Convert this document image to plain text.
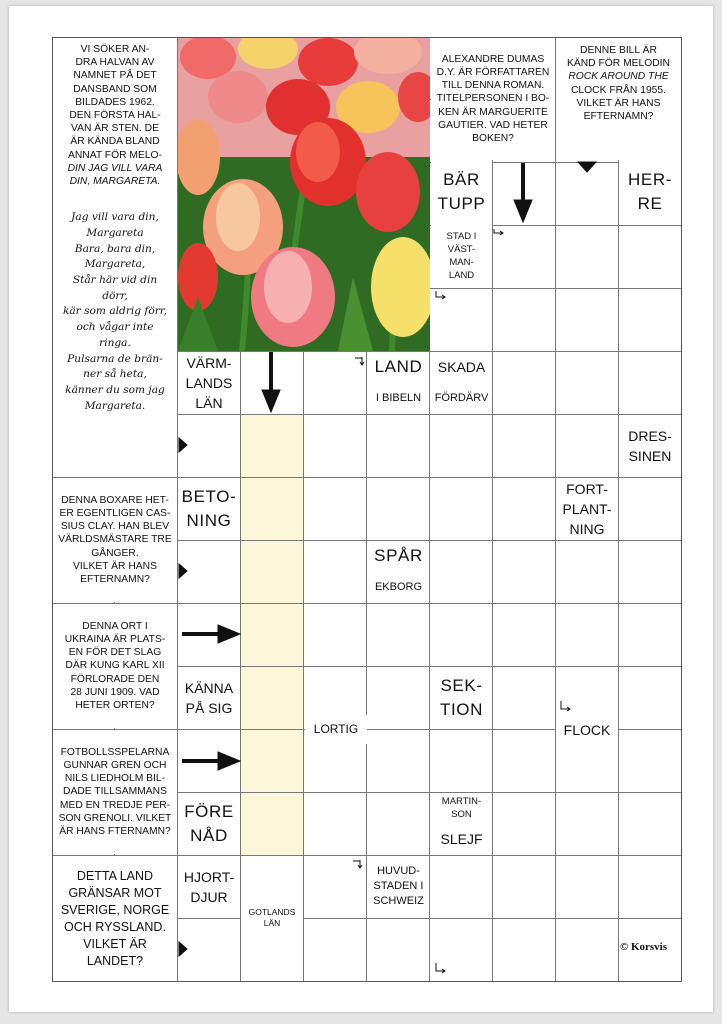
VI SÖKER AN-
DRA HALVAN AV
NAMNET PÅ DET
DANSBAND SOM
BILDADES 1962.
DEN FÖRSTA HAL-
VAN ÄR STEN. DE
ÄR KÄNDA BLAND
ANNAT FÖR MELO-
DIN JAG VILL VARA
DIN, MARGARETA.
Jag vill vara din,
Margareta
Bara, bara din,
Margareta,
Står här vid din
dörr,
kär som aldrig förr,
och vågar inte
ringa.
Pulsarna de brän-
ner så heta,
känner du som jag
Margareta.
ALEXANDRE DUMAS
D.Y. ÄR FÖRFATTAREN
TILL DENNA ROMAN.
TITELPERSONEN I BO-
KEN ÄR MARGUERITE
GAUTIER. VAD HETER
BOKEN?
DENNE BILL ÄR
KÄND FÖR MELODIN
ROCK AROUND THE
CLOCK FRÅN 1955.
VILKET ÄR HANS
EFTERNAMN?
BÄR
TUPP
HER-
RE
STAD I
VÄST-
MAN-
LAND
VÄRM-
LANDS
LÄN
LAND
I BIBELN
SKADA
FÖRDÄRV
DRES-
SINEN
DENNA BOXARE HET-
ER EGENTLIGEN CAS-
SIUS CLAY. HAN BLEV
VÄRLDSMÄSTARE TRE
GÅNGER.
VILKET ÄR HANS
EFTERNAMN?
BETO-
NING
FORT-
PLANT-
NING
SPÅR
EKBORG
DENNA ORT I
UKRAINA ÄR PLATS-
EN FÖR DET SLAG
DÄR KUNG KARL XII
FÖRLORADE DEN
28 JUNI 1909. VAD
HETER ORTEN?
KÄNNA
PÅ SIG
SEK-
TION
LORTIG	FLOCK
FOTBOLLSSPELARNA
GUNNAR GREN OCH
NILS LIEDHOLM BIL-
DADE TILLSAMMANS
MED EN TREDJE PER-
SON GRENOLI. VILKET
ÄR HANS FTERNAMN?
FÖRE
NÅD
MARTIN-
SON
SLEJF
DETTA LAND
GRÄNSAR MOT
SVERIGE, NORGE
OCH RYSSLAND.
VILKET ÄR
LANDET?
HJORT-
DJUR
GOTLANDS
LÄN
HUVUD-
STADEN I
SCHWEIZ
© Korsvis
